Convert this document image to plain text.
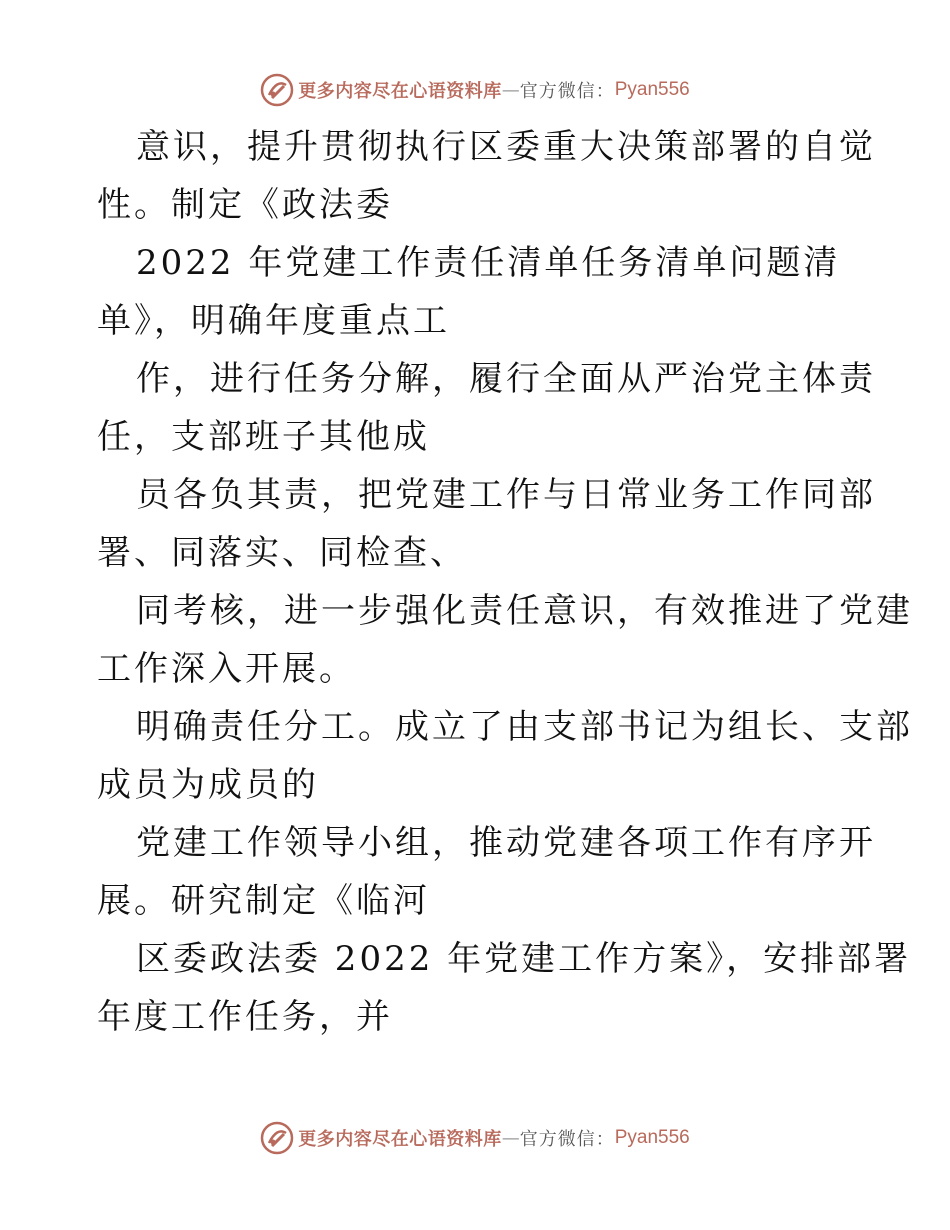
更多内容尽在心语资料库 — 官方微信： Pyan556
意识，提升贯彻执行区委重大决策部署的自觉
性。制定《政法委
2022 年党建工作责任清单任务清单问题清
单》，明确年度重点工
作，进行任务分解，履行全面从严治党主体责
任，支部班子其他成
员各负其责，把党建工作与日常业务工作同部
署、同落实、同检查、
同考核，进一步强化责任意识，有效推进了党建
工作深入开展。
明确责任分工。成立了由支部书记为组长、支部
成员为成员的
党建工作领导小组，推动党建各项工作有序开
展。研究制定《临河
区委政法委 2022 年党建工作方案》，安排部署
年度工作任务，并
更多内容尽在心语资料库 — 官方微信： Pyan556
